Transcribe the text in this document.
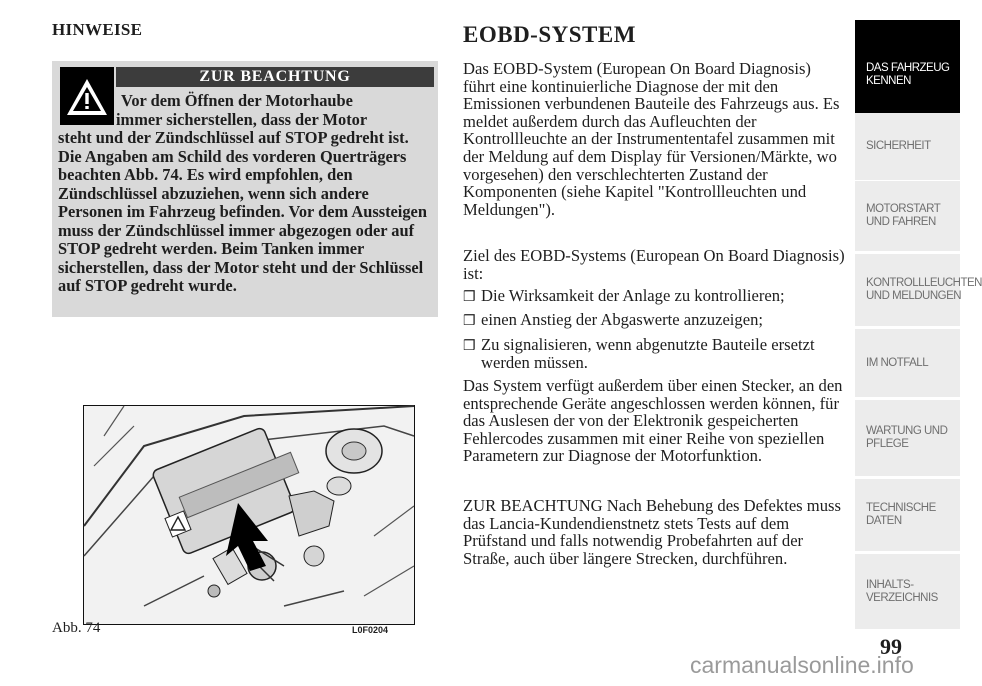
HINWEISE
ZUR BEACHTUNG
Vor dem Öffnen der Motorhaube
immer sicherstellen, dass der Motor
steht und der Zündschlüssel auf STOP gedreht ist. Die Angaben am Schild des vorderen Querträgers beachten Abb. 74. Es wird empfohlen, den Zündschlüssel abzuziehen, wenn sich andere Personen im Fahrzeug befinden. Vor dem Aussteigen muss der Zündschlüssel immer abgezogen oder auf STOP gedreht werden. Beim Tanken immer sicherstellen, dass der Motor steht und der Schlüssel auf STOP gedreht wurde.
Abb. 74	L0F0204
EOBD-SYSTEM
Das EOBD-System (European On Board Diagnosis) führt eine kontinuierliche Diagnose der mit den Emissionen verbundenen Bauteile des Fahrzeugs aus. Es meldet außerdem durch das Aufleuchten der Kontrollleuchte an der Instrumententafel zusammen mit der Meldung auf dem Display für Versionen/Märkte, wo vorgesehen) den verschlechterten Zustand der Komponenten (siehe Kapitel "Kontrollleuchten und Meldungen").
Ziel des EOBD-Systems (European On Board Diagnosis) ist:
❒ Die Wirksamkeit der Anlage zu kontrollieren;
❒ einen Anstieg der Abgaswerte anzuzeigen;
❒ Zu signalisieren, wenn abgenutzte Bauteile ersetzt werden müssen.
Das System verfügt außerdem über einen Stecker, an den entsprechende Geräte angeschlossen werden können, für das Auslesen der von der Elektronik gespeicherten Fehlercodes zusammen mit einer Reihe von speziellen Parametern zur Diagnose der Motorfunktion.
ZUR BEACHTUNG Nach Behebung des Defektes muss das Lancia-Kundendienstnetz stets Tests auf dem Prüfstand und falls notwendig Probefahrten auf der Straße, auch über längere Strecken, durchführen.
DAS FAHRZEUG KENNEN
SICHERHEIT
MOTORSTART UND FAHREN
KONTROLLLEUCHTEN UND MELDUNGEN
IM NOTFALL
WARTUNG UND PFLEGE
TECHNISCHE DATEN
INHALTS- VERZEICHNIS
99
carmanualsonline.info
